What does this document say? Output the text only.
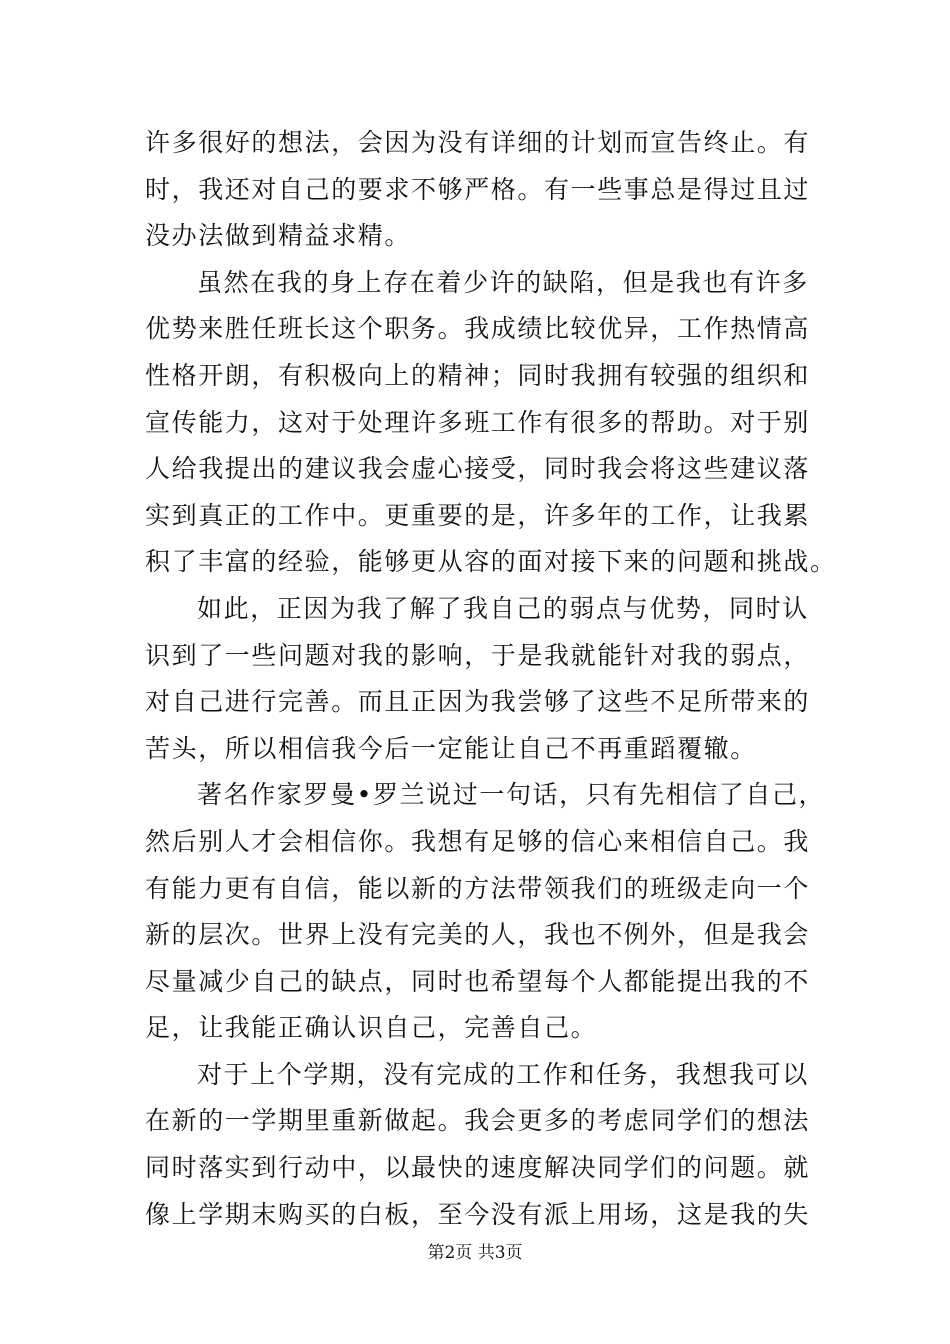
许多很好的想法，会因为没有详细的计划而宣告终止。有
时，我还对自己的要求不够严格。有一些事总是得过且过
没办法做到精益求精。
虽然在我的身上存在着少许的缺陷，但是我也有许多
优势来胜任班长这个职务。我成绩比较优异，工作热情高
性格开朗，有积极向上的精神；同时我拥有较强的组织和
宣传能力，这对于处理许多班工作有很多的帮助。对于别
人给我提出的建议我会虚心接受，同时我会将这些建议落
实到真正的工作中。更重要的是，许多年的工作，让我累
积了丰富的经验，能够更从容的面对接下来的问题和挑战。
如此，正因为我了解了我自己的弱点与优势，同时认
识到了一些问题对我的影响，于是我就能针对我的弱点，
对自己进行完善。而且正因为我尝够了这些不足所带来的
苦头，所以相信我今后一定能让自己不再重蹈覆辙。
著名作家罗曼•罗兰说过一句话，只有先相信了自己，
然后别人才会相信你。我想有足够的信心来相信自己。我
有能力更有自信，能以新的方法带领我们的班级走向一个
新的层次。世界上没有完美的人，我也不例外，但是我会
尽量减少自己的缺点，同时也希望每个人都能提出我的不
足，让我能正确认识自己，完善自己。
对于上个学期，没有完成的工作和任务，我想我可以
在新的一学期里重新做起。我会更多的考虑同学们的想法
同时落实到行动中，以最快的速度解决同学们的问题。就
像上学期末购买的白板，至今没有派上用场，这是我的失
第2页 共3页
